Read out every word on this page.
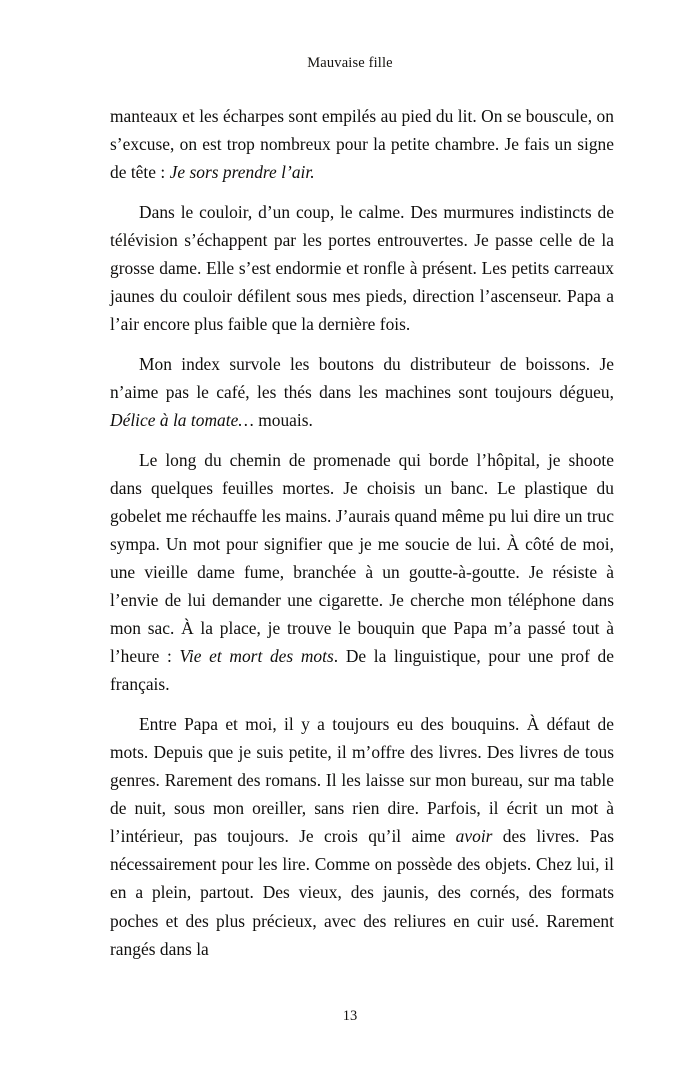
Mauvaise fille

manteaux et les écharpes sont empilés au pied du lit. On se bouscule, on s’excuse, on est trop nombreux pour la petite chambre. Je fais un signe de tête : Je sors prendre l’air.

Dans le couloir, d’un coup, le calme. Des murmures indistincts de télévision s’échappent par les portes entrouvertes. Je passe celle de la grosse dame. Elle s’est endormie et ronfle à présent. Les petits carreaux jaunes du couloir défilent sous mes pieds, direction l’ascenseur. Papa a l’air encore plus faible que la dernière fois.

Mon index survole les boutons du distributeur de boissons. Je n’aime pas le café, les thés dans les machines sont toujours dégueu, Délice à la tomate… mouais.

Le long du chemin de promenade qui borde l’hôpital, je shoote dans quelques feuilles mortes. Je choisis un banc. Le plastique du gobelet me réchauffe les mains. J’aurais quand même pu lui dire un truc sympa. Un mot pour signifier que je me soucie de lui. À côté de moi, une vieille dame fume, branchée à un goutte-à-goutte. Je résiste à l’envie de lui demander une cigarette. Je cherche mon téléphone dans mon sac. À la place, je trouve le bouquin que Papa m’a passé tout à l’heure : Vie et mort des mots. De la linguistique, pour une prof de français.

Entre Papa et moi, il y a toujours eu des bouquins. À défaut de mots. Depuis que je suis petite, il m’offre des livres. Des livres de tous genres. Rarement des romans. Il les laisse sur mon bureau, sur ma table de nuit, sous mon oreiller, sans rien dire. Parfois, il écrit un mot à l’intérieur, pas toujours. Je crois qu’il aime avoir des livres. Pas nécessairement pour les lire. Comme on possède des objets. Chez lui, il en a plein, partout. Des vieux, des jaunis, des cornés, des formats poches et des plus précieux, avec des reliures en cuir usé. Rarement rangés dans la

13
